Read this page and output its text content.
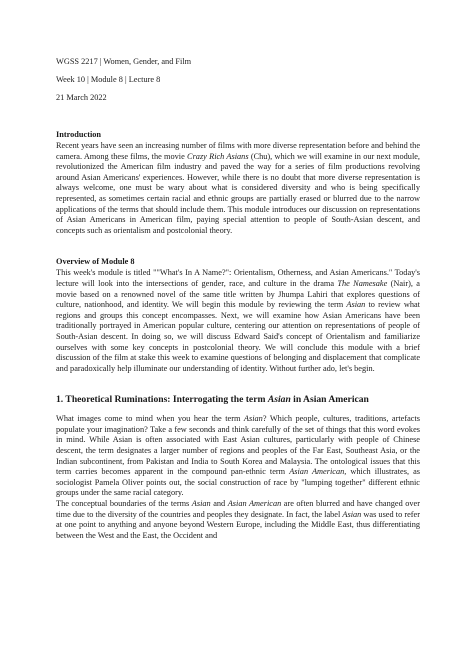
WGSS 2217 | Women, Gender, and Film
Week 10 | Module 8 | Lecture 8
21 March 2022
Introduction

Recent years have seen an increasing number of films with more diverse representation before and behind the camera. Among these films, the movie Crazy Rich Asians (Chu), which we will examine in our next module, revolutionized the American film industry and paved the way for a series of film productions revolving around Asian Americans' experiences. However, while there is no doubt that more diverse representation is always welcome, one must be wary about what is considered diversity and who is being specifically represented, as sometimes certain racial and ethnic groups are partially erased or blurred due to the narrow applications of the terms that should include them. This module introduces our discussion on representations of Asian Americans in American film, paying special attention to people of South-Asian descent, and concepts such as orientalism and postcolonial theory.

Overview of Module 8

This week's module is titled ""What's In A Name?": Orientalism, Otherness, and Asian Americans." Today's lecture will look into the intersections of gender, race, and culture in the drama The Namesake (Nair), a movie based on a renowned novel of the same title written by Jhumpa Lahiri that explores questions of culture, nationhood, and identity. We will begin this module by reviewing the term Asian to review what regions and groups this concept encompasses. Next, we will examine how Asian Americans have been traditionally portrayed in American popular culture, centering our attention on representations of people of South-Asian descent. In doing so, we will discuss Edward Said's concept of Orientalism and familiarize ourselves with some key concepts in postcolonial theory. We will conclude this module with a brief discussion of the film at stake this week to examine questions of belonging and displacement that complicate and paradoxically help illuminate our understanding of identity. Without further ado, let's begin.

1. Theoretical Ruminations: Interrogating the term Asian in Asian American

What images come to mind when you hear the term Asian? Which people, cultures, traditions, artefacts populate your imagination? Take a few seconds and think carefully of the set of things that this word evokes in mind. While Asian is often associated with East Asian cultures, particularly with people of Chinese descent, the term designates a larger number of regions and peoples of the Far East, Southeast Asia, or the Indian subcontinent, from Pakistan and India to South Korea and Malaysia. The ontological issues that this term carries becomes apparent in the compound pan-ethnic term Asian American, which illustrates, as sociologist Pamela Oliver points out, the social construction of race by "lumping together" different ethnic groups under the same racial category.

The conceptual boundaries of the terms Asian and Asian American are often blurred and have changed over time due to the diversity of the countries and peoples they designate. In fact, the label Asian was used to refer at one point to anything and anyone beyond Western Europe, including the Middle East, thus differentiating between the West and the East, the Occident and
